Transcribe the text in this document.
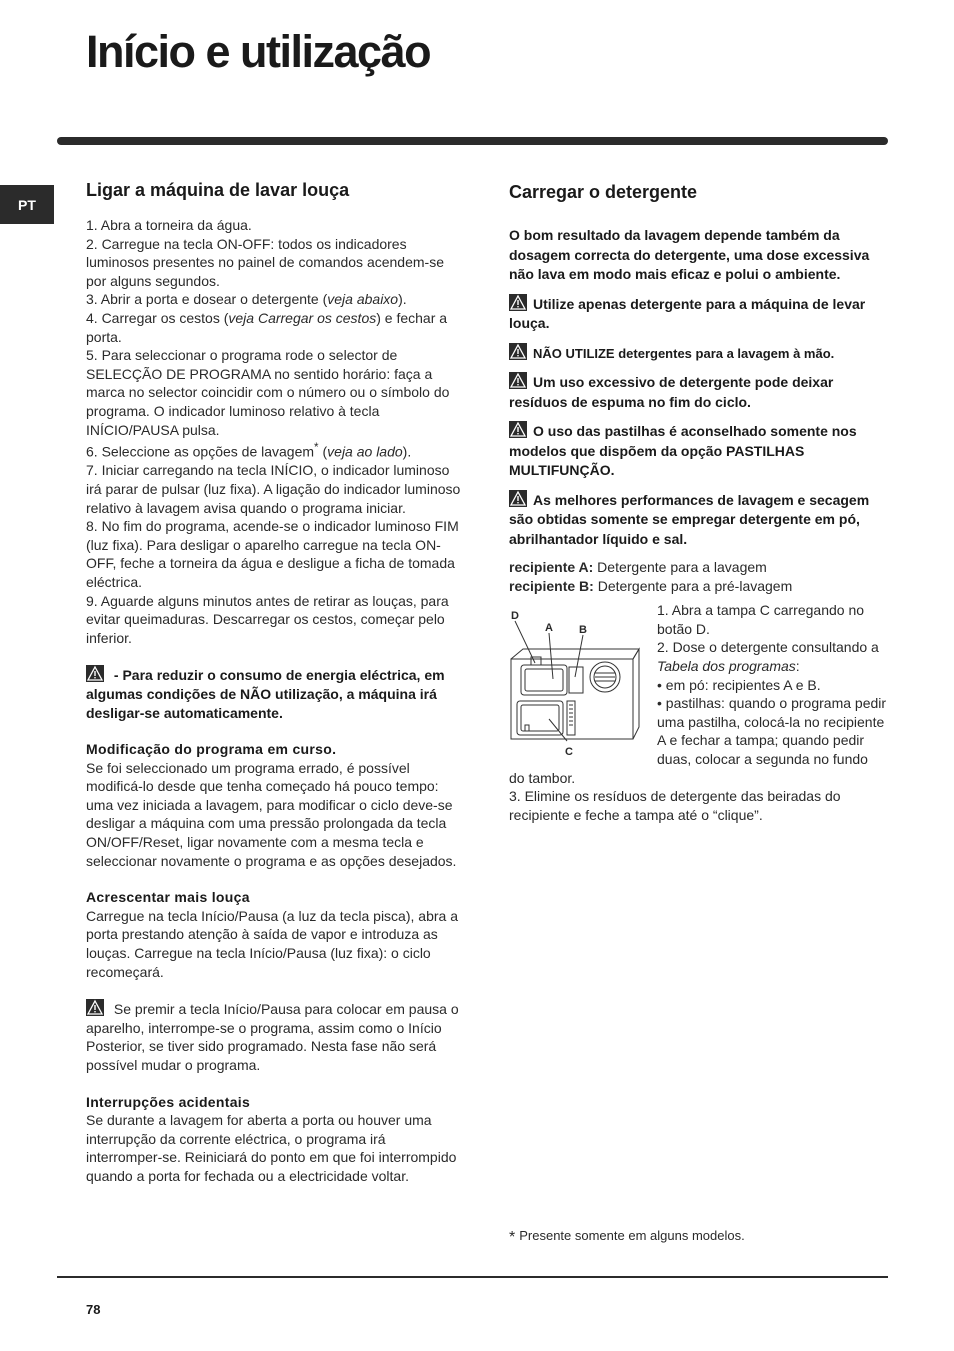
Início e utilização
PT
Ligar a máquina de lavar louça

1. Abra a torneira da água.

2. Carregue na tecla ON-OFF: todos os indicadores luminosos presentes no painel de comandos acendem-se por alguns segundos.

3. Abrir a porta e dosear o detergente (veja abaixo).

4. Carregar os cestos (veja Carregar os cestos) e fechar a porta.

5. Para seleccionar o programa rode o selector de SELECÇÃO DE PROGRAMA no sentido horário: faça a marca no selector coincidir com o número ou o símbolo do programa. O indicador luminoso relativo à tecla INÍCIO/PAUSA pulsa.

6. Seleccione as opções de lavagem* (veja ao lado).

7. Iniciar carregando na tecla INÍCIO, o indicador luminoso irá parar de pulsar (luz fixa). A ligação do indicador luminoso relativo à lavagem avisa quando o programa iniciar.

8. No fim do programa, acende-se o indicador luminoso FIM (luz fixa). Para desligar o aparelho carregue na tecla ON-OFF, feche a torneira da água e desligue a ficha de tomada eléctrica.

9. Aguarde alguns minutos antes de retirar as louças, para evitar queimaduras. Descarregar os cestos, começar pelo inferior.

- Para reduzir o consumo de energia eléctrica, em algumas condições de NÃO utilização, a máquina irá desligar-se automaticamente.

Modificação do programa em curso.

Se foi seleccionado um programa errado, é possível modificá-lo desde que tenha começado há pouco tempo: uma vez iniciada a lavagem, para modificar o ciclo deve-se desligar a máquina com uma pressão prolongada da tecla ON/OFF/Reset, ligar novamente com a mesma tecla e seleccionar novamente o programa e as opções desejados.

Acrescentar mais louça

Carregue na tecla Início/Pausa (a luz da tecla pisca), abra a porta prestando atenção à saída de vapor e introduza as louças. Carregue na tecla Início/Pausa (luz fixa): o ciclo recomeçará.

Se premir a tecla Início/Pausa para colocar em pausa o aparelho, interrompe-se o programa, assim como o Início Posterior, se tiver sido programado. Nesta fase não será possível mudar o programa.

Interrupções acidentais

Se durante a lavagem for aberta a porta ou houver uma interrupção da corrente eléctrica, o programa irá interromper-se. Reiniciará do ponto em que foi interrompido quando a porta for fechada ou a electricidade voltar.

Carregar o detergente

O bom resultado da lavagem depende também da dosagem correcta do detergente, uma dose excessiva não lava em modo mais eficaz e polui o ambiente.

Utilize apenas detergente para a máquina de levar louça.

NÃO UTILIZE detergentes para a lavagem à mão.

Um uso excessivo de detergente pode deixar resíduos de espuma no fim do ciclo.

O uso das pastilhas é aconselhado somente nos modelos que dispõem da opção PASTILHAS MULTIFUNÇÃO.

As melhores performances de lavagem e secagem são obtidas somente se empregar detergente em pó, abrilhantador líquido e sal.

recipiente A: Detergente para a lavagem

recipiente B: Detergente para a pré-lavagem

D
A B
C

1. Abra a tampa C carregando no botão D.

2. Dose o detergente consultando a Tabela dos programas:

• em pó: recipientes A e B.

• pastilhas: quando o programa pedir uma pastilha, colocá-la no recipiente A e fechar a tampa; quando pedir duas, colocar a segunda no fundo do tambor.

3. Elimine os resíduos de detergente das beiradas do recipiente e feche a tampa até o “clique”.

* Presente somente em alguns modelos.

78
